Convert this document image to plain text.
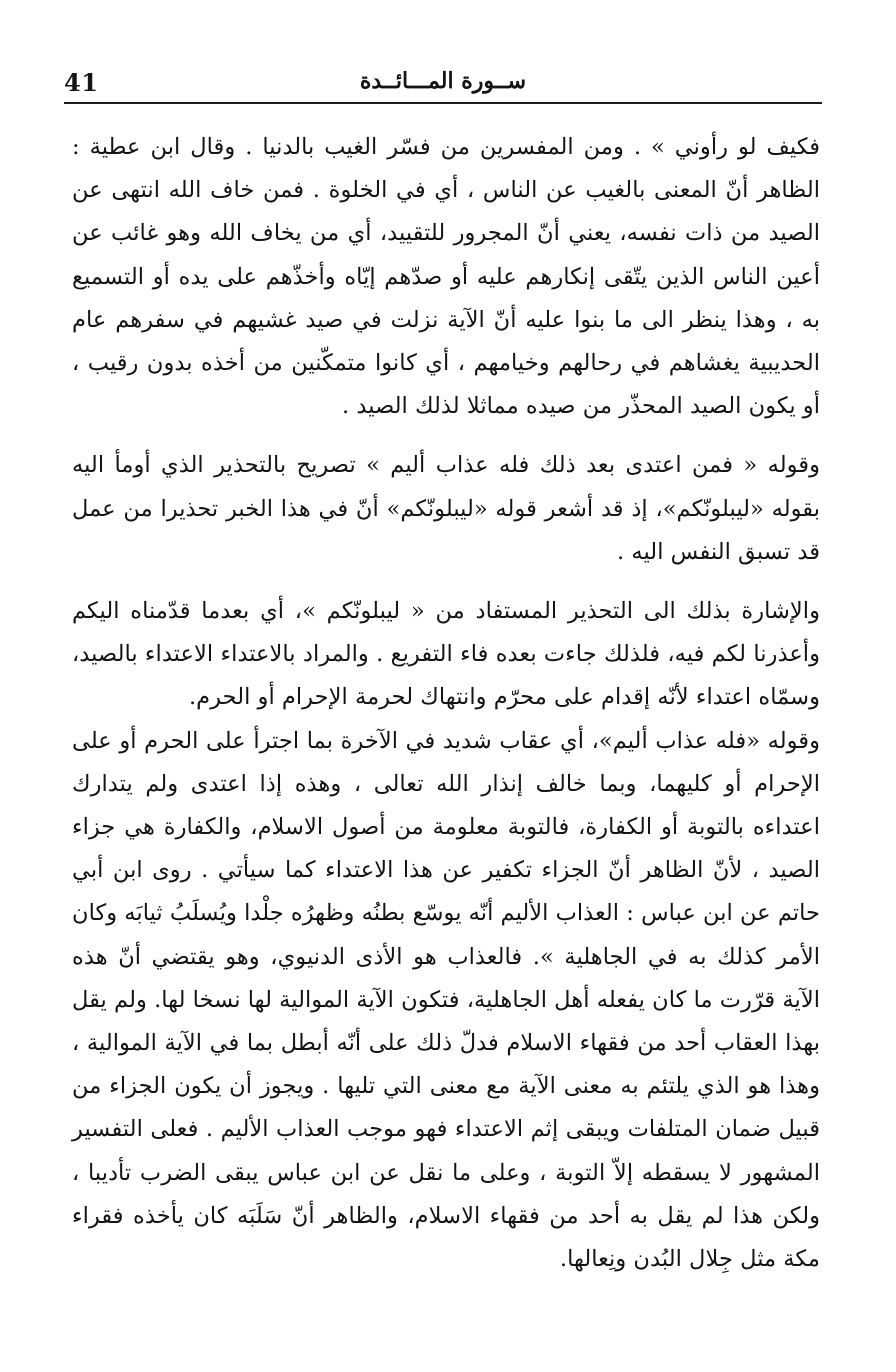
41	ســورة المـــائــدة

فكيف لو رأوني » . ومن المفسرين من فسّر الغيب بالدنيا . وقال ابن عطية : الظاهر أنّ المعنى بالغيب عن الناس ، أي في الخلوة . فمن خاف الله انتهى عن الصيد من ذات نفسه، يعني أنّ المجرور للتقييد، أي من يخاف الله وهو غائب عن أعين الناس الذين يتّقى إنكارهم عليه أو صدّهم إيّاه وأخذّهم على يده أو التسميع به ، وهذا ينظر الى ما بنوا عليه أنّ الآية نزلت في صيد غشيهم في سفرهم عام الحديبية يغشاهم في رحالهم وخيامهم ، أي كانوا متمكّنين من أخذه بدون رقيب ، أو يكون الصيد المحذّر من صيده مماثلا لذلك الصيد .

وقوله « فمن اعتدى بعد ذلك فله عذاب أليم » تصريح بالتحذير الذي أومأ اليه بقوله «ليبلونّكم»، إذ قد أشعر قوله «ليبلونّكم» أنّ في هذا الخبر تحذيرا من عمل قد تسبق النفس اليه .

والإشارة بذلك الى التحذير المستفاد من « ليبلونّكم »، أي بعدما قدّمناه اليكم وأعذرنا لكم فيه، فلذلك جاءت بعده فاء التفريع . والمراد بالاعتداء الاعتداء بالصيد، وسمّاه اعتداء لأنّه إقدام على محرّم وانتهاك لحرمة الإحرام أو الحرم.

وقوله «فله عذاب أليم»، أي عقاب شديد في الآخرة بما اجترأ على الحرم أو على الإحرام أو كليهما، وبما خالف إنذار الله تعالى ، وهذه إذا اعتدى ولم يتدارك اعتداءه بالتوبة أو الكفارة، فالتوبة معلومة من أصول الاسلام، والكفارة هي جزاء الصيد ، لأنّ الظاهر أنّ الجزاء تكفير عن هذا الاعتداء كما سيأتي . روى ابن أبي حاتم عن ابن عباس : العذاب الأليم أنّه يوسّع بطنُه وظهرُه جلْدا ويُسلَبُ ثيابَه وكان الأمر كذلك به في الجاهلية ». فالعذاب هو الأذى الدنيوي، وهو يقتضي أنّ هذه الآية قرّرت ما كان يفعله أهل الجاهلية، فتكون الآية الموالية لها نسخا لها. ولم يقل بهذا العقاب أحد من فقهاء الاسلام فدلّ ذلك على أنّه أبطل بما في الآية الموالية ، وهذا هو الذي يلتئم به معنى الآية مع معنى التي تليها . ويجوز أن يكون الجزاء من قبيل ضمان المتلفات ويبقى إثم الاعتداء فهو موجب العذاب الأليم . فعلى التفسير المشهور لا يسقطه إلاّ التوبة ، وعلى ما نقل عن ابن عباس يبقى الضرب تأديبا ، ولكن هذا لم يقل به أحد من فقهاء الاسلام، والظاهر أنّ سَلَبَه كان يأخذه فقراء مكة مثل جِلال البُدن ونِعالها.
